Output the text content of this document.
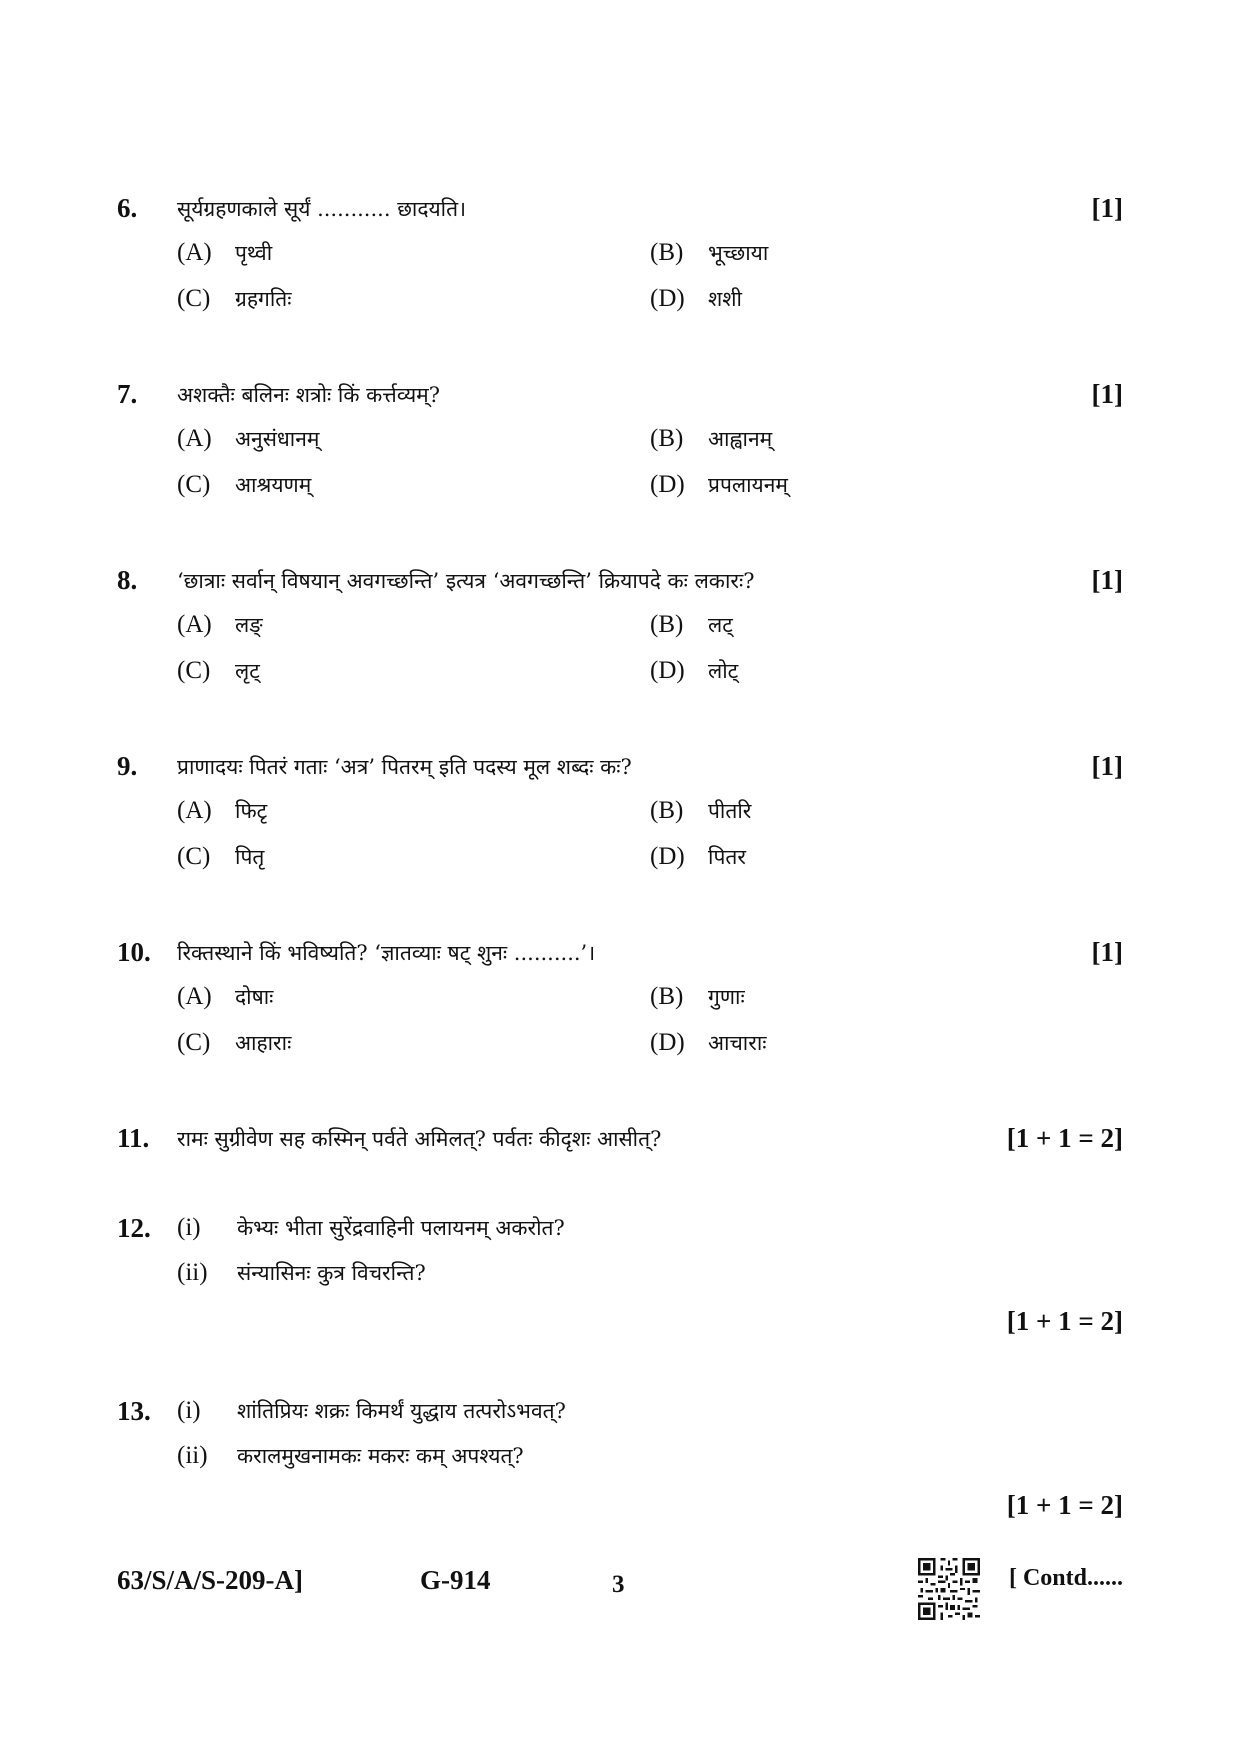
6. सूर्यग्रहणकाले सूर्यं ........... छादयति।	[1]
(A) पृथ्वी	(B) भूच्छाया
(C) ग्रहगतिः	(D) शशी
7. अशक्तैः बलिनः शत्रोः किं कर्त्तव्यम्?	[1]
(A) अनुसंधानम्	(B) आह्वानम्
(C) आश्रयणम्	(D) प्रपलायनम्
8. ‘छात्राः सर्वान् विषयान् अवगच्छन्ति’ इत्यत्र ‘अवगच्छन्ति’ क्रियापदे कः लकारः?	[1]
(A) लङ्	(B) लट्
(C) लृट्	(D) लोट्
9. प्राणादयः पितरं गताः ‘अत्र’ पितरम् इति पदस्य मूल शब्दः कः?	[1]
(A) फिटृ	(B) पीतरि
(C) पितृ	(D) पितर
10. रिक्तस्थाने किं भविष्यति? ‘ज्ञातव्याः षट् शुनः ..........’।	[1]
(A) दोषाः	(B) गुणाः
(C) आहाराः	(D) आचाराः
11. रामः सुग्रीवेण सह कस्मिन् पर्वते अमिलत्? पर्वतः कीदृशः आसीत्?	[1 + 1 = 2]
12. (i) केभ्यः भीता सुरेंद्रवाहिनी पलायनम् अकरोत?
(ii) संन्यासिनः कुत्र विचरन्ति?
[1 + 1 = 2]
13. (i) शांतिप्रियः शक्रः किमर्थं युद्धाय तत्परोऽभवत्?
(ii) करालमुखनामकः मकरः कम् अपश्यत्?
[1 + 1 = 2]
63/S/A/S-209-A]	G-914	3	[ Contd......
